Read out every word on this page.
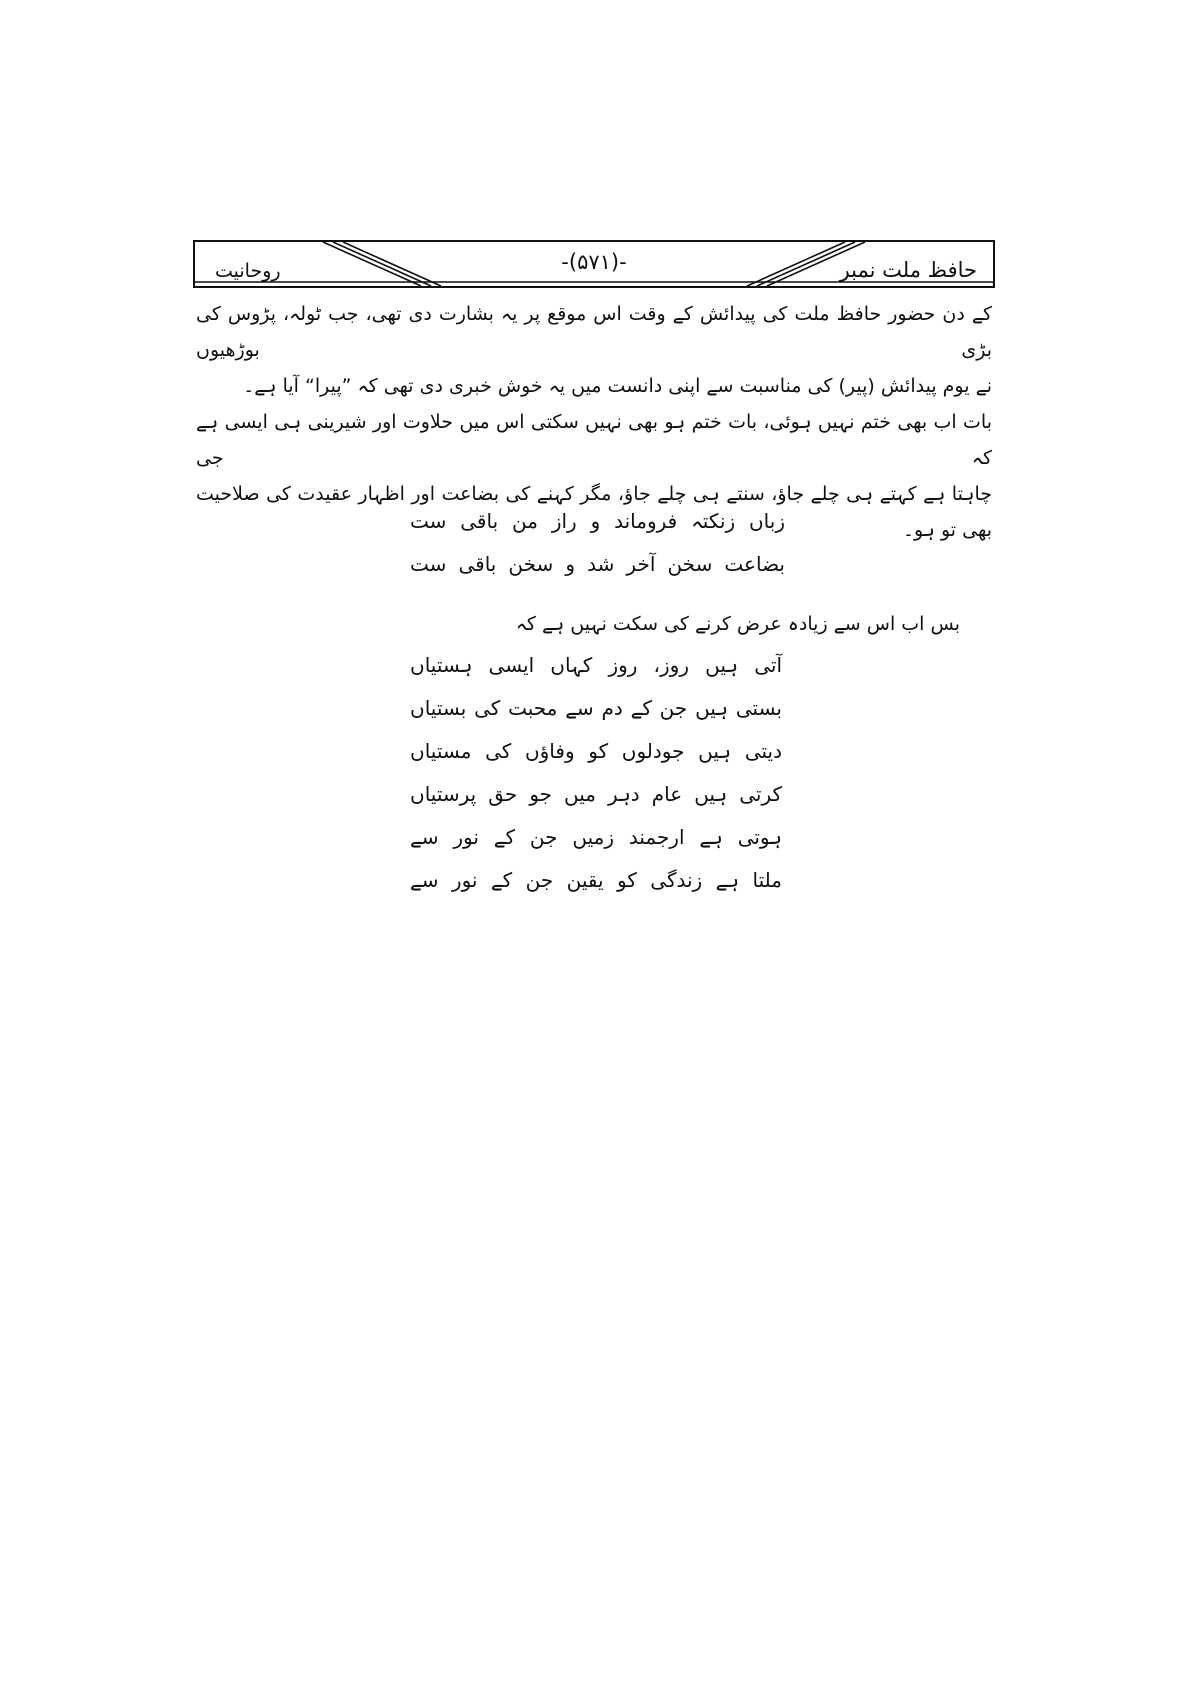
حافظ ملت نمبر
-(۵۷۱)-
روحانیت

کے دن حضور حافظ ملت کی پیدائش کے وقت اس موقع پر یہ بشارت دی تھی، جب ٹولہ، پڑوس کی بڑی بوڑھیوں

نے یوم پیدائش (پیر) کی مناسبت سے اپنی دانست میں یہ خوش خبری دی تھی کہ ”پیرا“ آیا ہے۔

بات اب بھی ختم نہیں ہوئی، بات ختم ہو بھی نہیں سکتی اس میں حلاوت اور شیرینی ہی ایسی ہے کہ جی

چاہتا ہے کہتے ہی چلے جاؤ، سنتے ہی چلے جاؤ، مگر کہنے کی بضاعت اور اظہار عقیدت کی صلاحیت بھی تو ہو۔

زباں زنکتہ فروماند و راز من باقی ست
بضاعت سخن آخر شد و سخن باقی ست
بس اب اس سے زیادہ عرض کرنے کی سکت نہیں ہے کہ
آتی ہیں روز، روز کہاں ایسی ہستیاں
بستی ہیں جن کے دم سے محبت کی بستیاں
دیتی ہیں جودلوں کو وفاؤں کی مستیاں
کرتی ہیں عام دہر میں جو حق پرستیاں
ہوتی ہے ارجمند زمیں جن کے نور سے
ملتا ہے زندگی کو یقین جن کے نور سے
